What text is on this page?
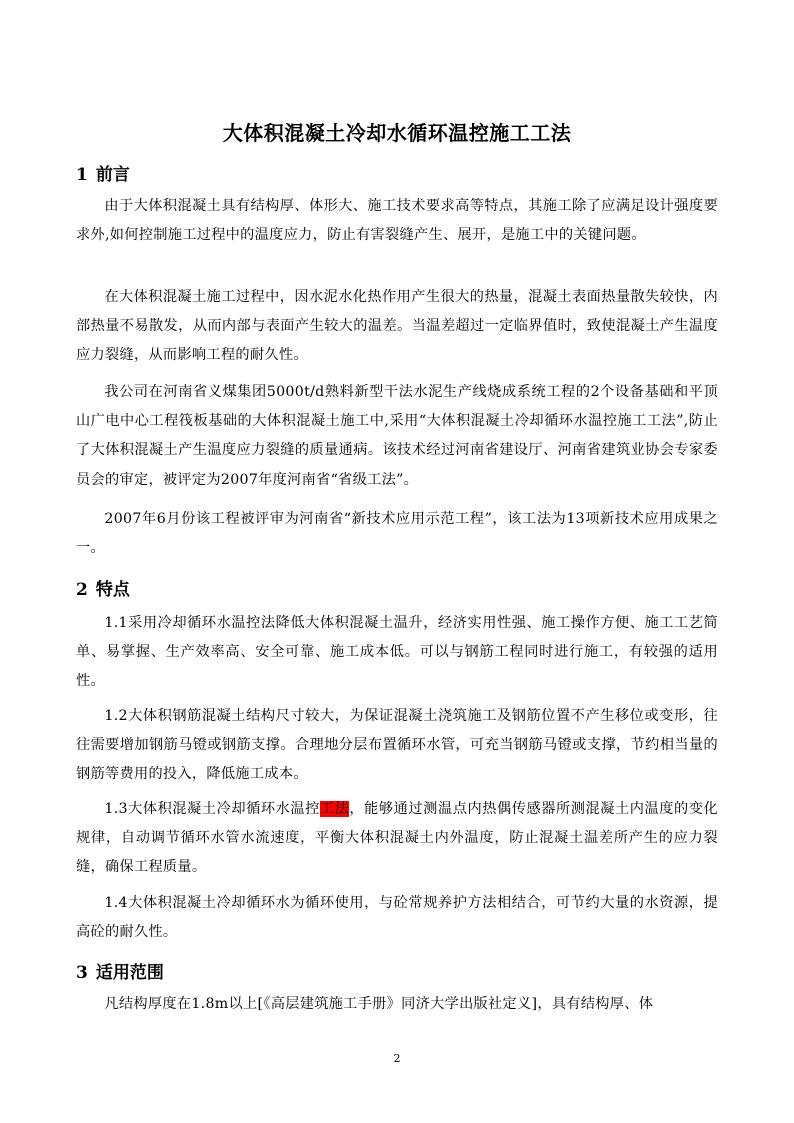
大体积混凝土冷却水循环温控施工工法
1 前言

由于大体积混凝土具有结构厚、体形大、施工技术要求高等特点，其施工除了应满足设计强度要求外,如何控制施工过程中的温度应力，防止有害裂缝产生、展开，是施工中的关键问题。

在大体积混凝土施工过程中，因水泥水化热作用产生很大的热量，混凝土表面热量散失较快，内部热量不易散发，从而内部与表面产生较大的温差。当温差超过一定临界值时，致使混凝土产生温度应力裂缝，从而影响工程的耐久性。

我公司在河南省义煤集团5000t/d熟料新型干法水泥生产线烧成系统工程的2个设备基础和平顶山广电中心工程筏板基础的大体积混凝土施工中,采用“大体积混凝土冷却循环水温控施工工法”,防止了大体积混凝土产生温度应力裂缝的质量通病。该技术经过河南省建设厅、河南省建筑业协会专家委员会的审定，被评定为2007年度河南省“省级工法”。

2007年6月份该工程被评审为河南省“新技术应用示范工程”，该工法为13项新技术应用成果之一。

2 特点

1.1采用冷却循环水温控法降低大体积混凝土温升，经济实用性强、施工操作方便、施工工艺简单、易掌握、生产效率高、安全可靠、施工成本低。可以与钢筋工程同时进行施工，有较强的适用性。

1.2大体积钢筋混凝土结构尺寸较大，为保证混凝土浇筑施工及钢筋位置不产生移位或变形，往往需要增加钢筋马镫或钢筋支撑。合理地分层布置循环水管，可充当钢筋马镫或支撑，节约相当量的钢筋等费用的投入，降低施工成本。

1.3大体积混凝土冷却循环水温控工法，能够通过测温点内热偶传感器所测混凝土内温度的变化规律，自动调节循环水管水流速度，平衡大体积混凝土内外温度，防止混凝土温差所产生的应力裂缝，确保工程质量。

1.4大体积混凝土冷却循环水为循环使用，与砼常规养护方法相结合，可节约大量的水资源，提高砼的耐久性。

3 适用范围

凡结构厚度在1.8m以上[《高层建筑施工手册》同济大学出版社定义]，具有结构厚、体

2
